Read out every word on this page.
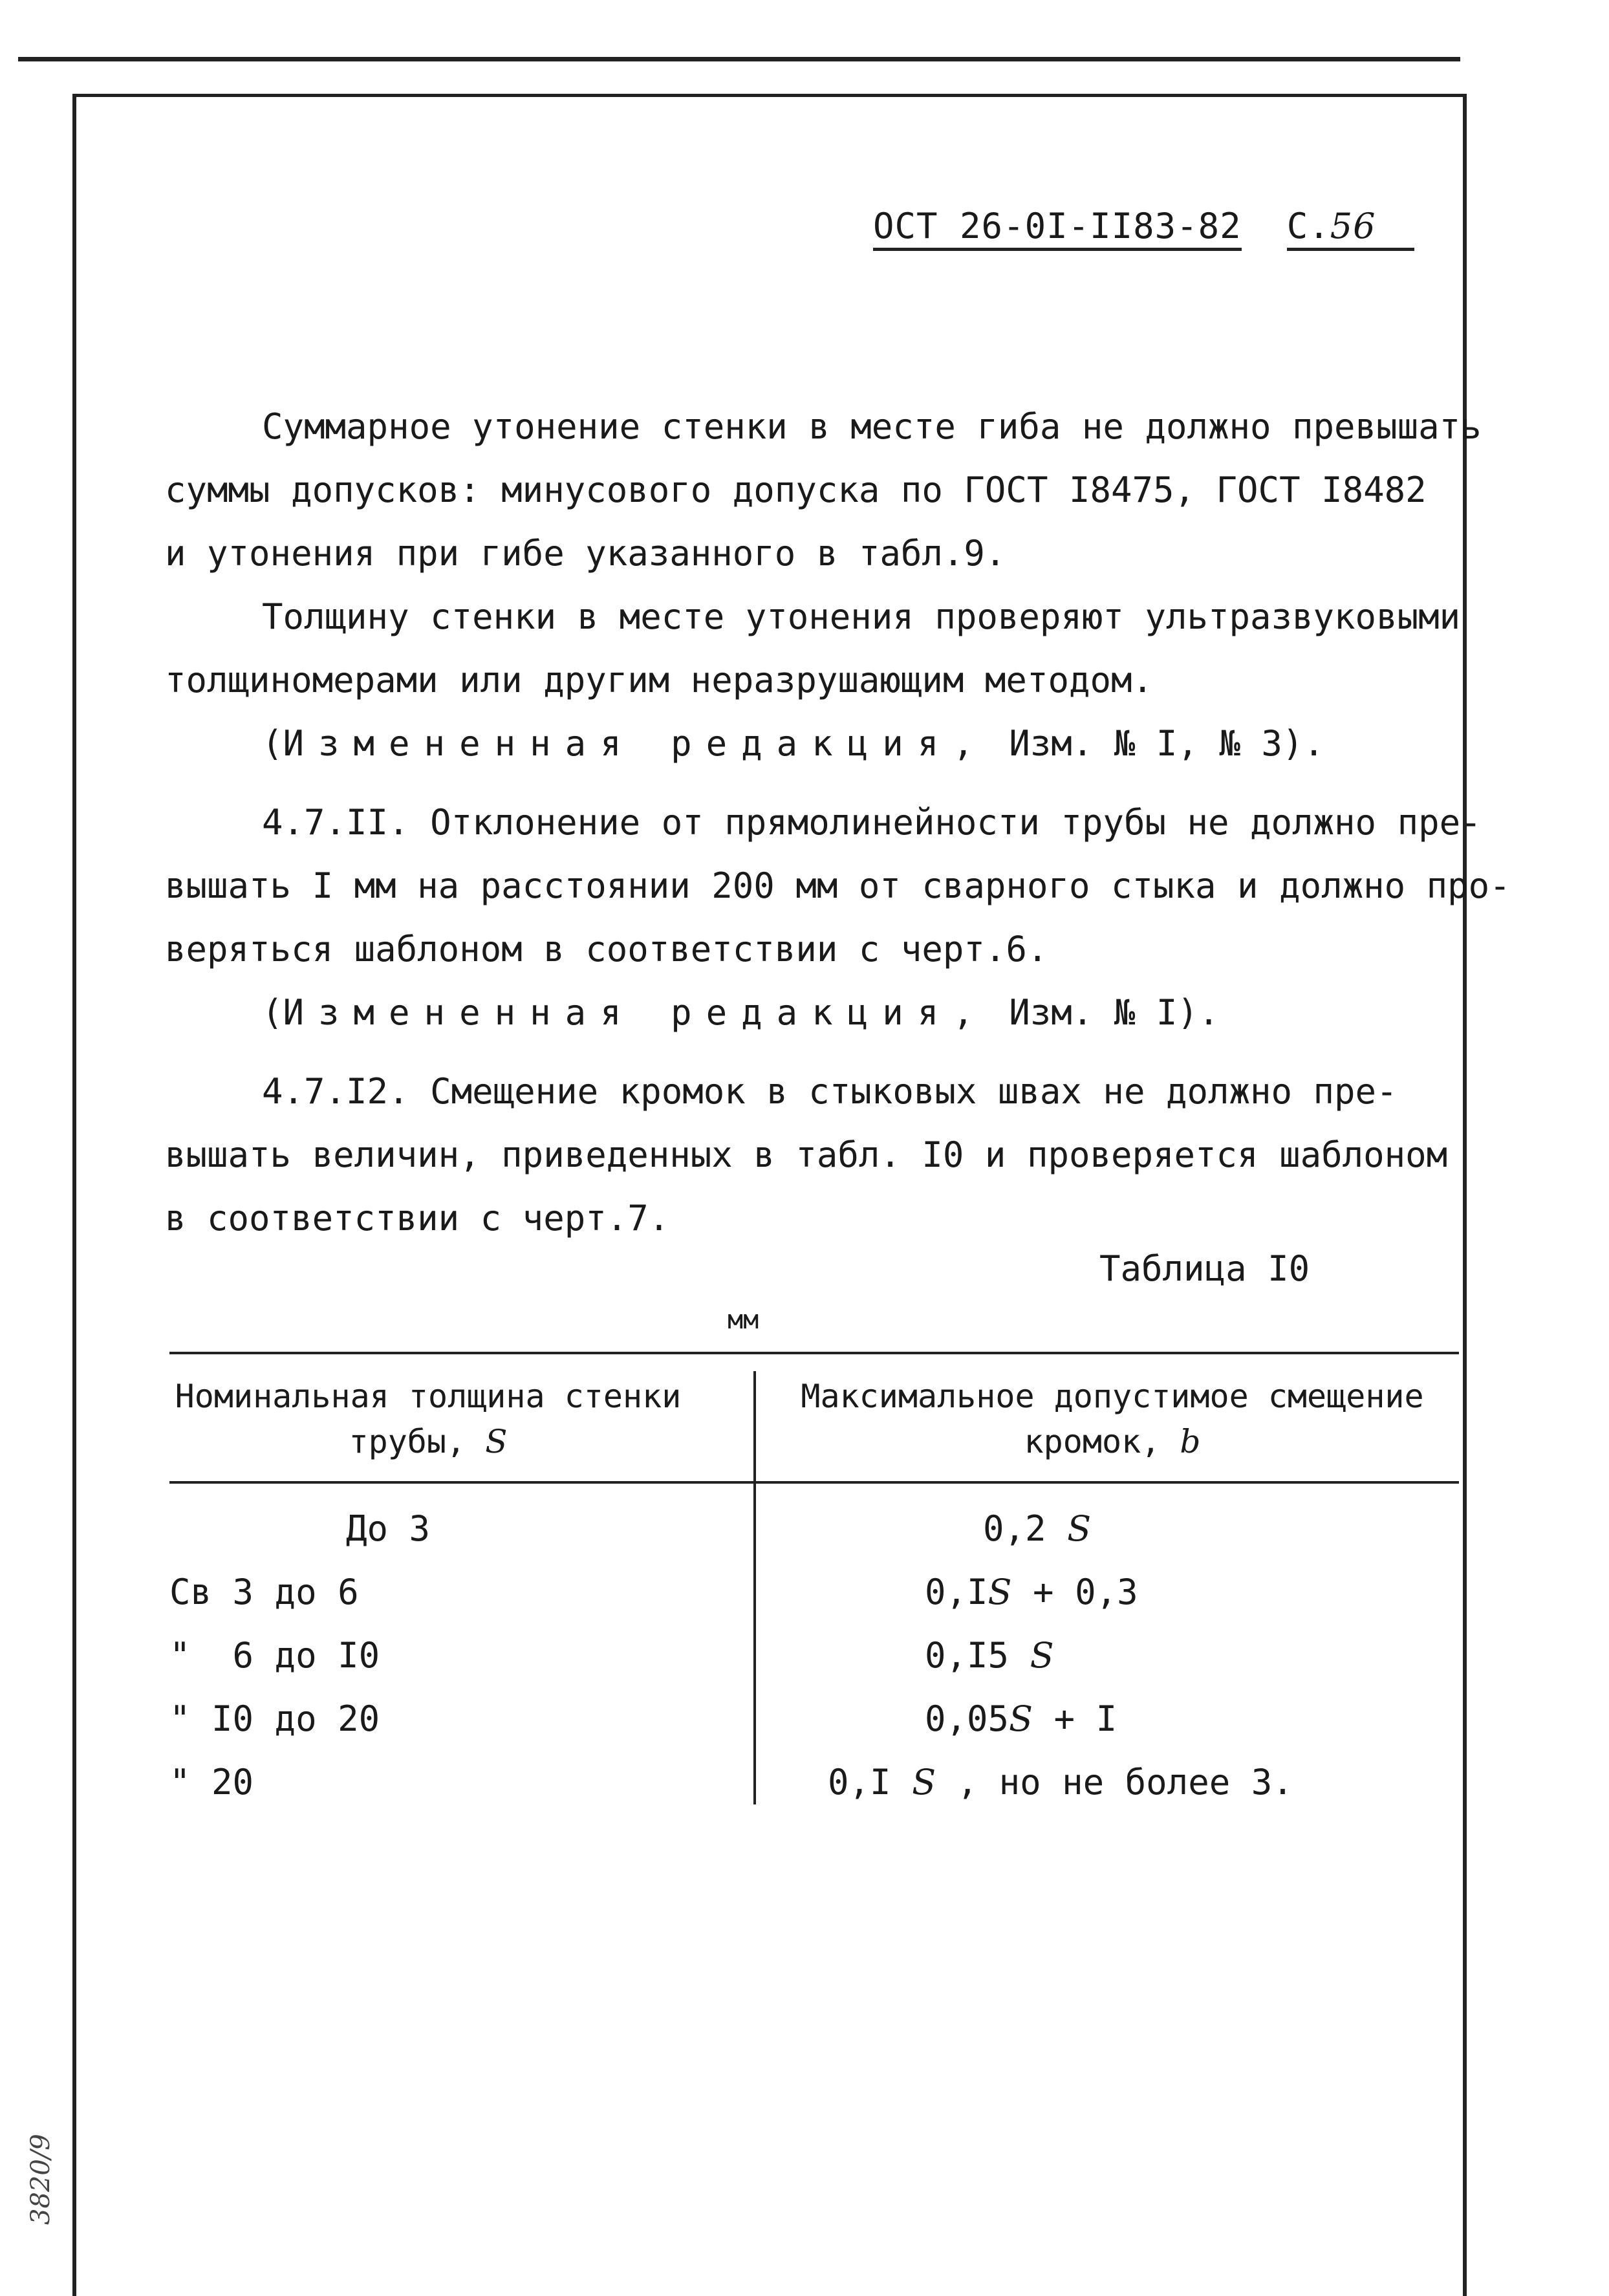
ОСТ 26-0I-II83-82 С.56
Суммарное утонение стенки в месте гиба не должно превышать
суммы допусков: минусового допуска по ГОСТ I8475, ГОСТ I8482
и утонения при гибе указанного в табл.9.
Толщину стенки в месте утонения проверяют ультразвуковыми
толщиномерами или другим неразрушающим методом.
(Измененная редакция, Изм. № I, № 3).
4.7.II. Отклонение от прямолинейности трубы не должно пре-
вышать I мм на расстоянии 200 мм от сварного стыка и должно про-
веряться шаблоном в соответствии с черт.6.
(Измененная редакция, Изм. № I).
4.7.I2. Смещение кромок в стыковых швах не должно пре-
вышать величин, приведенных в табл. I0 и проверяется шаблоном
в соответствии с черт.7.
Таблица I0
мм
Номинальная толщина стенки
трубы, S
Максимальное допустимое смещение
кромок, b
До 3	0,2 S
Св 3 до 6	0,IS + 0,3
"  6 до I0	0,I5 S
" I0 до 20	0,05S + I
" 20	0,I S , но не более 3.
3820/9
